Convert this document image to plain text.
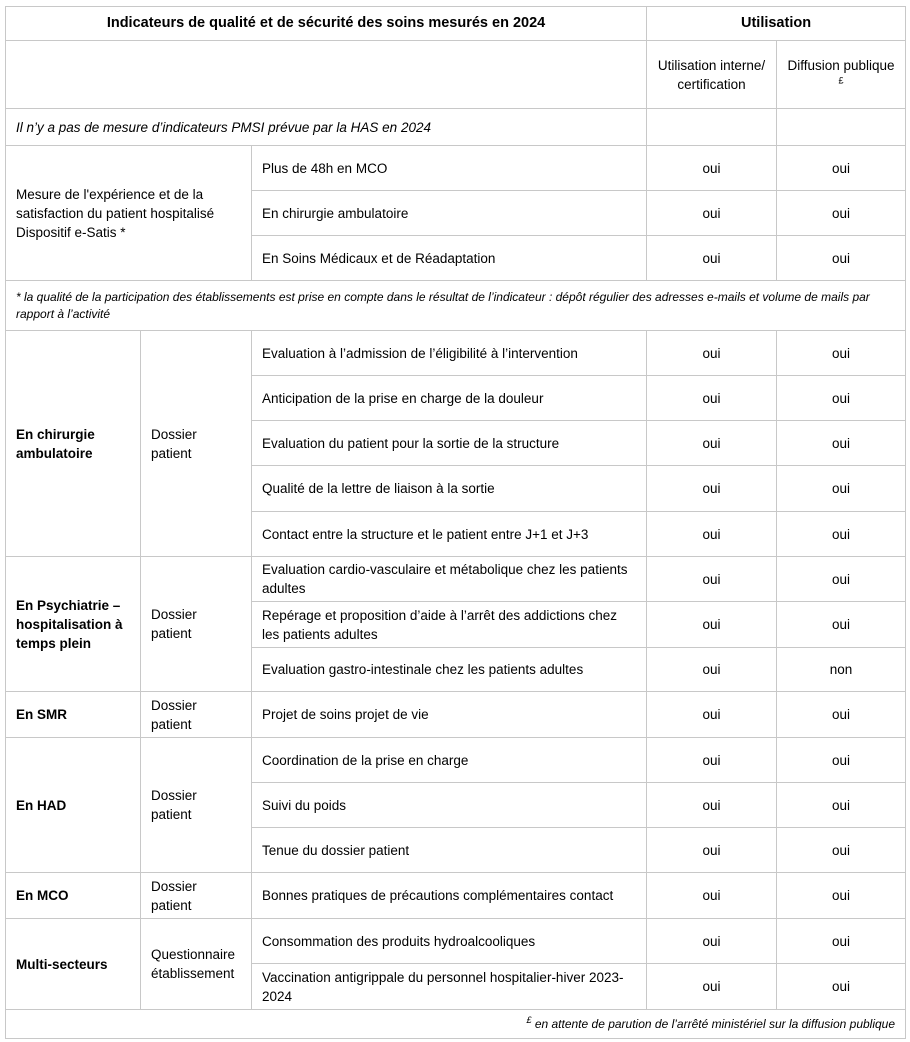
Indicateurs de qualité et de sécurité des soins mesurés en 2024			Utilisation	
			Utilisation interne/ certification	Diffusion publique £
Il n’y a pas de mesure d’indicateurs PMSI prévue par la HAS en 2024				

Mesure de l'expérience et de la satisfaction du patient hospitalisé
Dispositif e-Satis *		Plus de 48h en MCO	oui	oui
		En chirurgie ambulatoire	oui	oui
		En Soins Médicaux et de Réadaptation	oui	oui
* la qualité de la participation des établissements est prise en compte dans le résultat de l’indicateur : dépôt régulier des adresses e-mails et volume de mails par rapport à l’activité				
En chirurgie ambulatoire	Dossier patient	Evaluation à l’admission de l’éligibilité à l’intervention	oui	oui
		Anticipation de la prise en charge de la douleur	oui	oui
		Evaluation du patient pour la sortie de la structure	oui	oui
		Qualité de la lettre de liaison à la sortie	oui	oui
		Contact entre la structure et le patient entre J+1 et J+3	oui	oui
En Psychiatrie – hospitalisation à temps plein	Dossier patient	Evaluation cardio-vasculaire et métabolique chez les patients adultes	oui	oui
		Repérage et proposition d’aide à l’arrêt des addictions chez les patients adultes	oui	oui
		Evaluation gastro-intestinale chez les patients adultes	oui	non
En SMR	Dossier patient	Projet de soins projet de vie	oui	oui
En HAD	Dossier patient	Coordination de la prise en charge	oui	oui
		Suivi du poids	oui	oui
		Tenue du dossier patient	oui	oui
En MCO	Dossier patient	Bonnes pratiques de précautions complémentaires contact	oui	oui
Multi-secteurs	Questionnaire établissement	Consommation des produits hydroalcooliques	oui	oui
		Vaccination antigrippale du personnel hospitalier-hiver 2023-2024	oui	oui
£ en attente de parution de l’arrêté ministériel sur la diffusion publique				
